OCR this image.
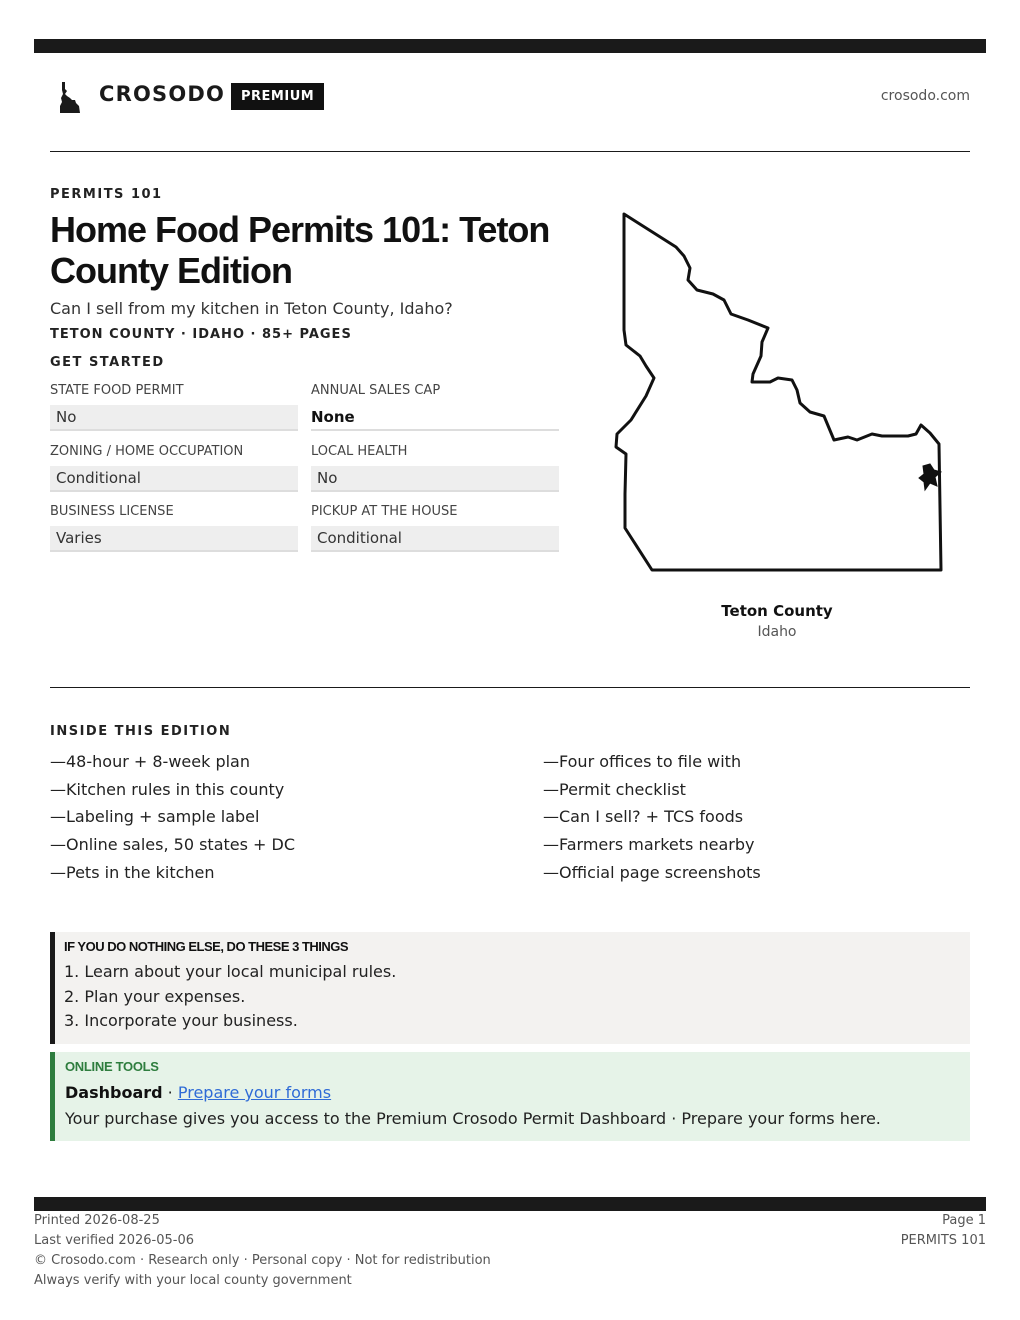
CROSODO	PREMIUM	crosodo.com
PERMITS 101
Home Food Permits 101: Teton County Edition
Can I sell from my kitchen in Teton County, Idaho?
TETON COUNTY · IDAHO · 85+ PAGES
GET STARTED
STATE FOOD PERMIT
No
ANNUAL SALES CAP
None
ZONING / HOME OCCUPATION
Conditional
LOCAL HEALTH
No
BUSINESS LICENSE
Varies
PICKUP AT THE HOUSE
Conditional
Teton County
Idaho
INSIDE THIS EDITION
—48-hour + 8-week plan
—Kitchen rules in this county
—Labeling + sample label
—Online sales, 50 states + DC
—Pets in the kitchen
—Four offices to file with
—Permit checklist
—Can I sell? + TCS foods
—Farmers markets nearby
—Official page screenshots
IF YOU DO NOTHING ELSE, DO THESE 3 THINGS
1. Learn about your local municipal rules.
2. Plan your expenses.
3. Incorporate your business.
ONLINE TOOLS
Dashboard · Prepare your forms
Your purchase gives you access to the Premium Crosodo Permit Dashboard · Prepare your forms here.
Printed 2026-08-25
Last verified 2026-05-06
© Crosodo.com · Research only · Personal copy · Not for redistribution
Always verify with your local county government
Page 1
PERMITS 101
